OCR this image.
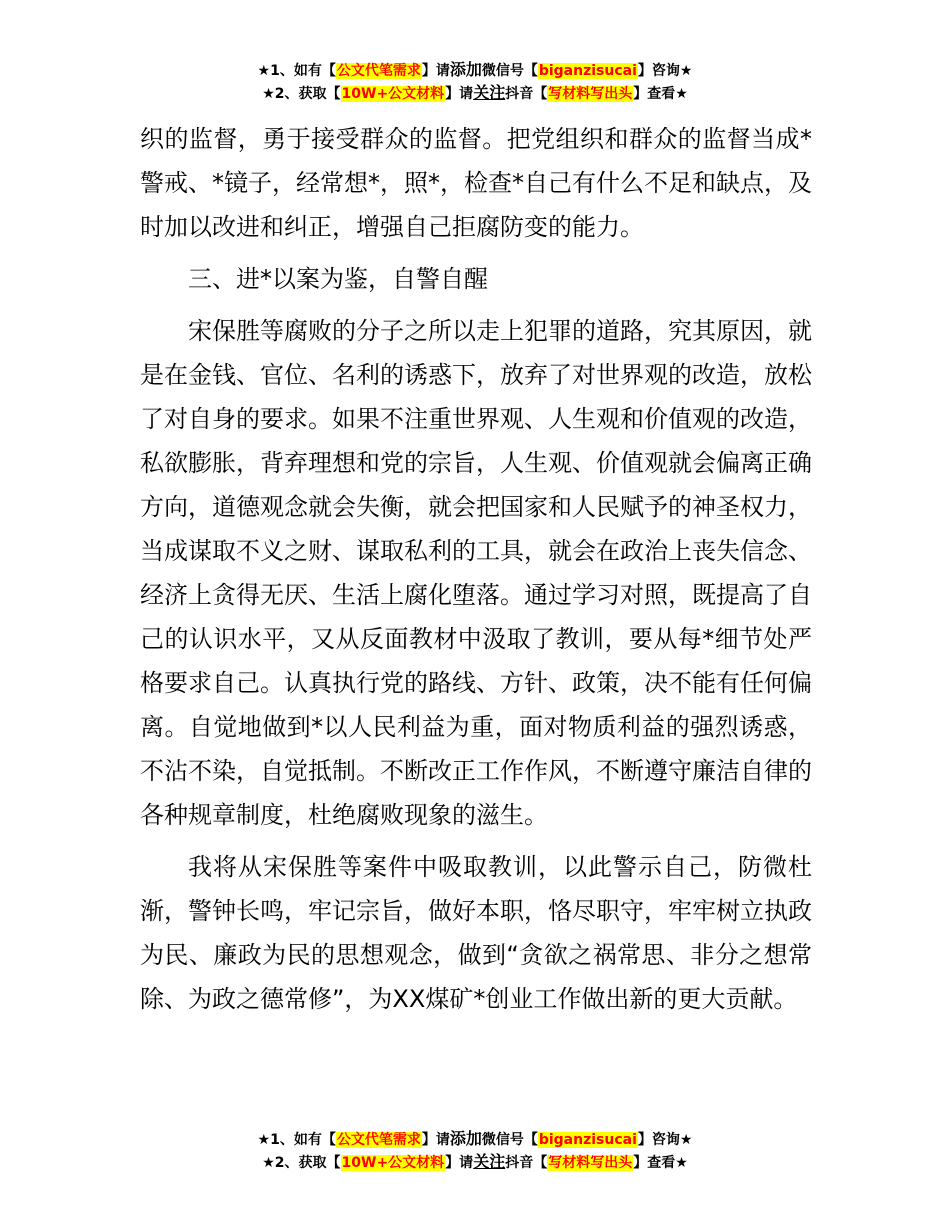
★1、如有【公文代笔需求】请添加微信号【biganzisucai】咨询★
★2、获取【10W+公文材料】请关注抖音【写材料写出头】查看★

织的监督，勇于接受群众的监督。把党组织和群众的监督当成*警戒、*镜子，经常想*，照*，检查*自己有什么不足和缺点，及时加以改进和纠正，增强自己拒腐防变的能力。

三、进*以案为鉴，自警自醒

宋保胜等腐败的分子之所以走上犯罪的道路，究其原因，就是在金钱、官位、名利的诱惑下，放弃了对世界观的改造，放松了对自身的要求。如果不注重世界观、人生观和价值观的改造，私欲膨胀，背弃理想和党的宗旨，人生观、价值观就会偏离正确方向，道德观念就会失衡，就会把国家和人民赋予的神圣权力，当成谋取不义之财、谋取私利的工具，就会在政治上丧失信念、经济上贪得无厌、生活上腐化堕落。通过学习对照，既提高了自己的认识水平，又从反面教材中汲取了教训，要从每*细节处严格要求自己。认真执行党的路线、方针、政策，决不能有任何偏离。自觉地做到*以人民利益为重，面对物质利益的强烈诱惑，不沾不染，自觉抵制。不断改正工作作风，不断遵守廉洁自律的各种规章制度，杜绝腐败现象的滋生。

我将从宋保胜等案件中吸取教训，以此警示自己，防微杜渐，警钟长鸣，牢记宗旨，做好本职，恪尽职守，牢牢树立执政为民、廉政为民的思想观念，做到“贪欲之祸常思、非分之想常除、为政之德常修”，为XX煤矿*创业工作做出新的更大贡献。

★1、如有【公文代笔需求】请添加微信号【biganzisucai】咨询★
★2、获取【10W+公文材料】请关注抖音【写材料写出头】查看★
